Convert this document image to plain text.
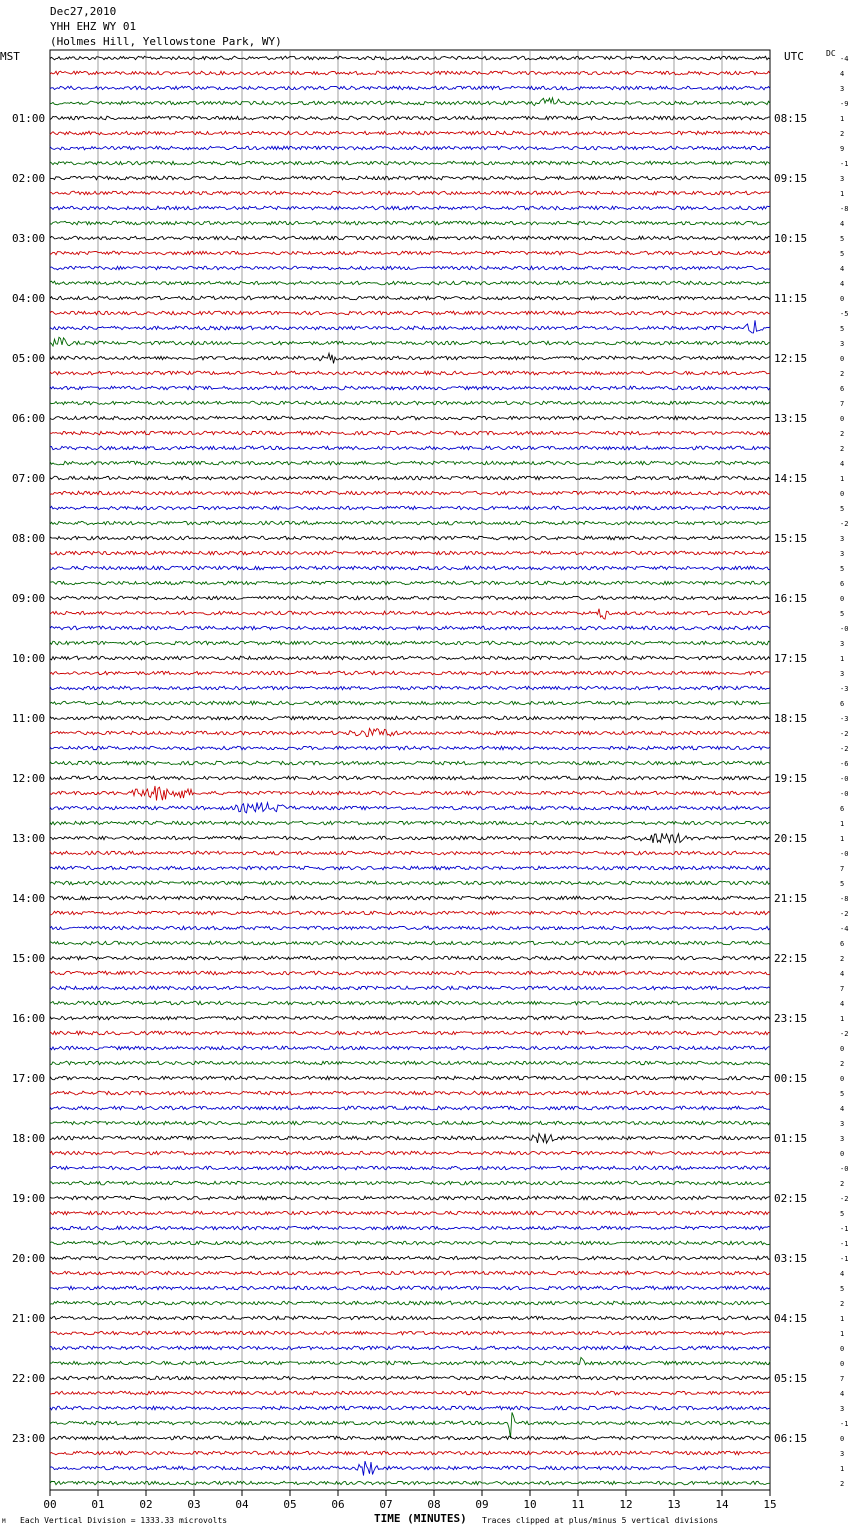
Dec27,2010
YHH EHZ WY 01
(Holmes Hill, Yellowstone Park, WY)
MST	UTC	DC
00	01	02	03	04	05	06	07	08	09	10	11	12	13	14	15
-4
4
3
-9
1
01:00	08:15
2
9
-1
3
02:00	09:15
1
-8
4
5
03:00	10:15
5
4
4
0
04:00	11:15
-5
5
3
0
05:00	12:15
2
6
7
0
06:00	13:15
2
2
4
1
07:00	14:15
0
5
-2
3
08:00	15:15
3
5
6
0
09:00	16:15
5
-0
3
1
10:00	17:15
3
-3
6
-3
11:00	18:15
-2
-2
-6
-0
12:00	19:15
-0
6
1
1
13:00	20:15
-0
7
5
-8
14:00	21:15
-2
-4
6
2
15:00	22:15
4
7
4
1
16:00	23:15
-2
0
2
0
17:00	00:15
5
4
3
3
18:00	01:15
0
-0
2
-2
19:00	02:15
5
-1
-1
-1
20:00	03:15
4
5
2
1
21:00	04:15
1
0
0
7
22:00	05:15
4
3
-1
0
23:00	06:15
3
1
2
M Each Vertical Division = 1333.33 microvolts	TIME (MINUTES) Traces clipped at plus/minus 5 vertical divisions
